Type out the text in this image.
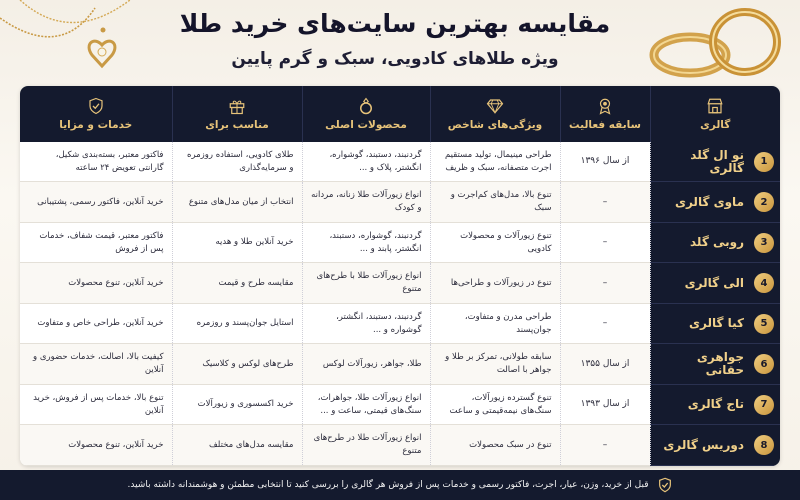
مقایسه بهترین سایت‌های خرید طلا
ویژه طلاهای کادویی، سبک و گرم پایین
گالری	سابقه فعالیت	ویژگی‌های شاخص	محصولات اصلی	مناسب برای	خدمات و مزایا

1
نو ال گلد گالری	از سال ۱۳۹۶	طراحی مینیمال، تولید مستقیم اجرت متصفانه، سبک و ظریف	گردنبند، دستبند، گوشواره، انگشتر، پلاک و ...	طلای کادویی، استفاده روزمره و سرمایه‌گذاری	فاکتور معتبر، بسته‌بندی شکیل، گارانتی تعویض ۲۴ ساعته

2
ماوی گالری	–	تنوع بالا، مدل‌های کم‌اجرت و سبک	انواع زیورآلات طلا زنانه، مردانه و کودک	انتخاب از میان مدل‌های متنوع	خرید آنلاین، فاکتور رسمی، پشتیبانی

3
روبی گلد	–	تنوع زیورآلات و محصولات کادویی	گردنبند، گوشواره، دستبند، انگشتر، پابند و ...	خرید آنلاین طلا و هدیه	فاکتور معتبر، قیمت شفاف، خدمات پس از فروش

4
الی گالری	–	تنوع در زیورآلات و طراحی‌ها	انواع زیورآلات طلا با طرح‌های متنوع	مقایسه طرح و قیمت	خرید آنلاین، تنوع محصولات

5
کیا گالری	–	طراحی مدرن و متفاوت، جوان‌پسند	گردنبند، دستبند، انگشتر، گوشواره و ...	استایل جوان‌پسند و روزمره	خرید آنلاین، طراحی خاص و متفاوت

6
جواهری حقانی	از سال ۱۳۵۵	سابقه طولانی، تمرکز بر طلا و جواهر با اصالت	طلا، جواهر، زیورآلات لوکس	طرح‌های لوکس و کلاسیک	کیفیت بالا، اصالت، خدمات حضوری و آنلاین

7
تاج گالری	از سال ۱۳۹۳	تنوع گسترده زیورآلات، سنگ‌های نیمه‌قیمتی و ساعت	انواع زیورآلات طلا، جواهرات، سنگ‌های قیمتی، ساعت و ...	خرید اکسسوری و زیورآلات	تنوع بالا، خدمات پس از فروش، خرید آنلاین

8
دوریس گالری	–	تنوع در سبک محصولات	انواع زیورآلات طلا در طرح‌های متنوع	مقایسه مدل‌های مختلف	خرید آنلاین، تنوع محصولات
قبل از خرید، وزن، عیار، اجرت، فاکتور رسمی و خدمات پس از فروش هر گالری را بررسی کنید تا انتخابی مطمئن و هوشمندانه داشته باشید.
